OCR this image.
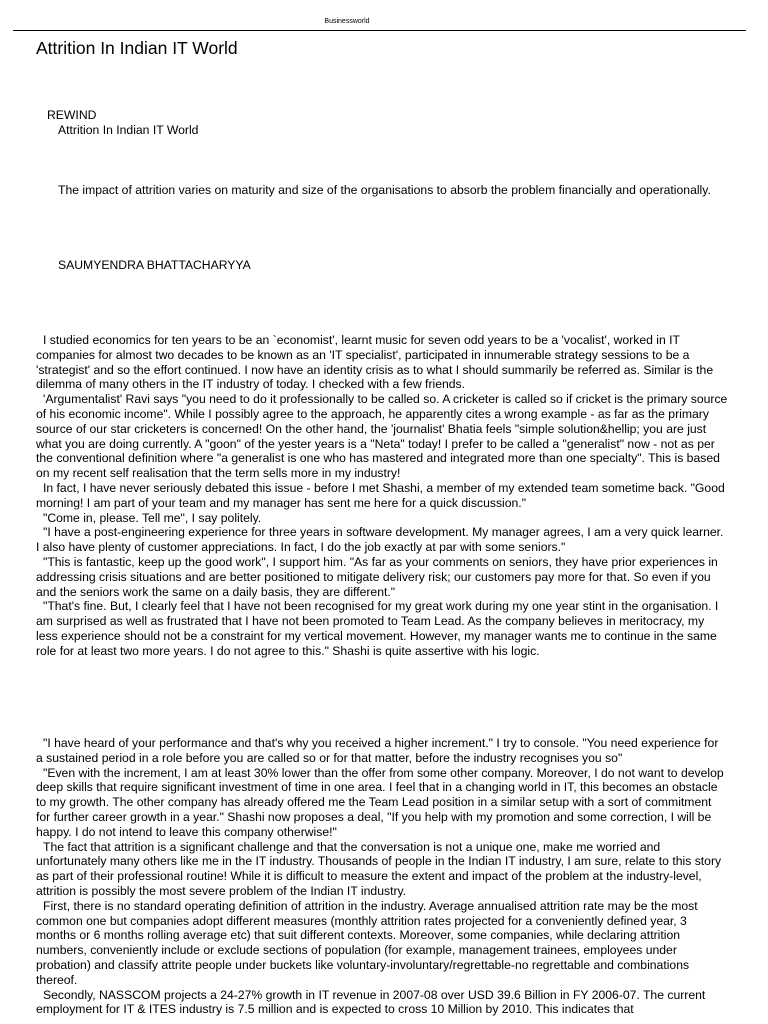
Businessworld
Attrition In Indian IT World
REWIND
Attrition In Indian IT World
The impact of attrition varies on maturity and size of the organisations to absorb the problem financially and operationally.
SAUMYENDRA BHATTACHARYYA

I studied economics for ten years to be an `economist', learnt music for seven odd years to be a 'vocalist', worked in IT companies for almost two decades to be known as an 'IT specialist', participated in innumerable strategy sessions to be a 'strategist' and so the effort continued. I now have an identity crisis as to what I should summarily be referred as. Similar is the dilemma of many others in the IT industry of today. I checked with a few friends.

'Argumentalist' Ravi says "you need to do it professionally to be called so. A cricketer is called so if cricket is the primary source of his economic income". While I possibly agree to the approach, he apparently cites a wrong example - as far as the primary source of our star cricketers is concerned! On the other hand, the 'journalist' Bhatia feels "simple solution&hellip; you are just what you are doing currently. A "goon" of the yester years is a "Neta" today! I prefer to be called a "generalist" now - not as per the conventional definition where "a generalist is one who has mastered and integrated more than one specialty". This is based on my recent self realisation that the term sells more in my industry!

In fact, I have never seriously debated this issue - before I met Shashi, a member of my extended team sometime back. "Good morning! I am part of your team and my manager has sent me here for a quick discussion."

"Come in, please. Tell me", I say politely.

"I have a post-engineering experience for three years in software development. My manager agrees, I am a very quick learner. I also have plenty of customer appreciations. In fact, I do the job exactly at par with some seniors."

"This is fantastic, keep up the good work", I support him. "As far as your comments on seniors, they have prior experiences in addressing crisis situations and are better positioned to mitigate delivery risk; our customers pay more for that. So even if you and the seniors work the same on a daily basis, they are different."

"That's fine. But, I clearly feel that I have not been recognised for my great work during my one year stint in the organisation. I am surprised as well as frustrated that I have not been promoted to Team Lead. As the company believes in meritocracy, my less experience should not be a constraint for my vertical movement. However, my manager wants me to continue in the same role for at least two more years. I do not agree to this." Shashi is quite assertive with his logic.

"I have heard of your performance and that's why you received a higher increment." I try to console. "You need experience for a sustained period in a role before you are called so or for that matter, before the industry recognises you so"

"Even with the increment, I am at least 30% lower than the offer from some other company. Moreover, I do not want to develop deep skills that require significant investment of time in one area. I feel that in a changing world in IT, this becomes an obstacle to my growth. The other company has already offered me the Team Lead position in a similar setup with a sort of commitment for further career growth in a year." Shashi now proposes a deal, "If you help with my promotion and some correction, I will be happy. I do not intend to leave this company otherwise!"

The fact that attrition is a significant challenge and that the conversation is not a unique one, make me worried and unfortunately many others like me in the IT industry. Thousands of people in the Indian IT industry, I am sure, relate to this story as part of their professional routine! While it is difficult to measure the extent and impact of the problem at the industry-level, attrition is possibly the most severe problem of the Indian IT industry.

First, there is no standard operating definition of attrition in the industry. Average annualised attrition rate may be the most common one but companies adopt different measures (monthly attrition rates projected for a conveniently defined year, 3 months or 6 months rolling average etc) that suit different contexts. Moreover, some companies, while declaring attrition numbers, conveniently include or exclude sections of population (for example, management trainees, employees under probation) and classify attrite people under buckets like voluntary-involuntary/regrettable-no regrettable and combinations thereof.

Secondly, NASSCOM projects a 24-27% growth in IT revenue in 2007-08 over USD 39.6 Billion in FY 2006-07. The current employment for IT & ITES industry is 7.5 million and is expected to cross 10 Million by 2010. This indicates that
